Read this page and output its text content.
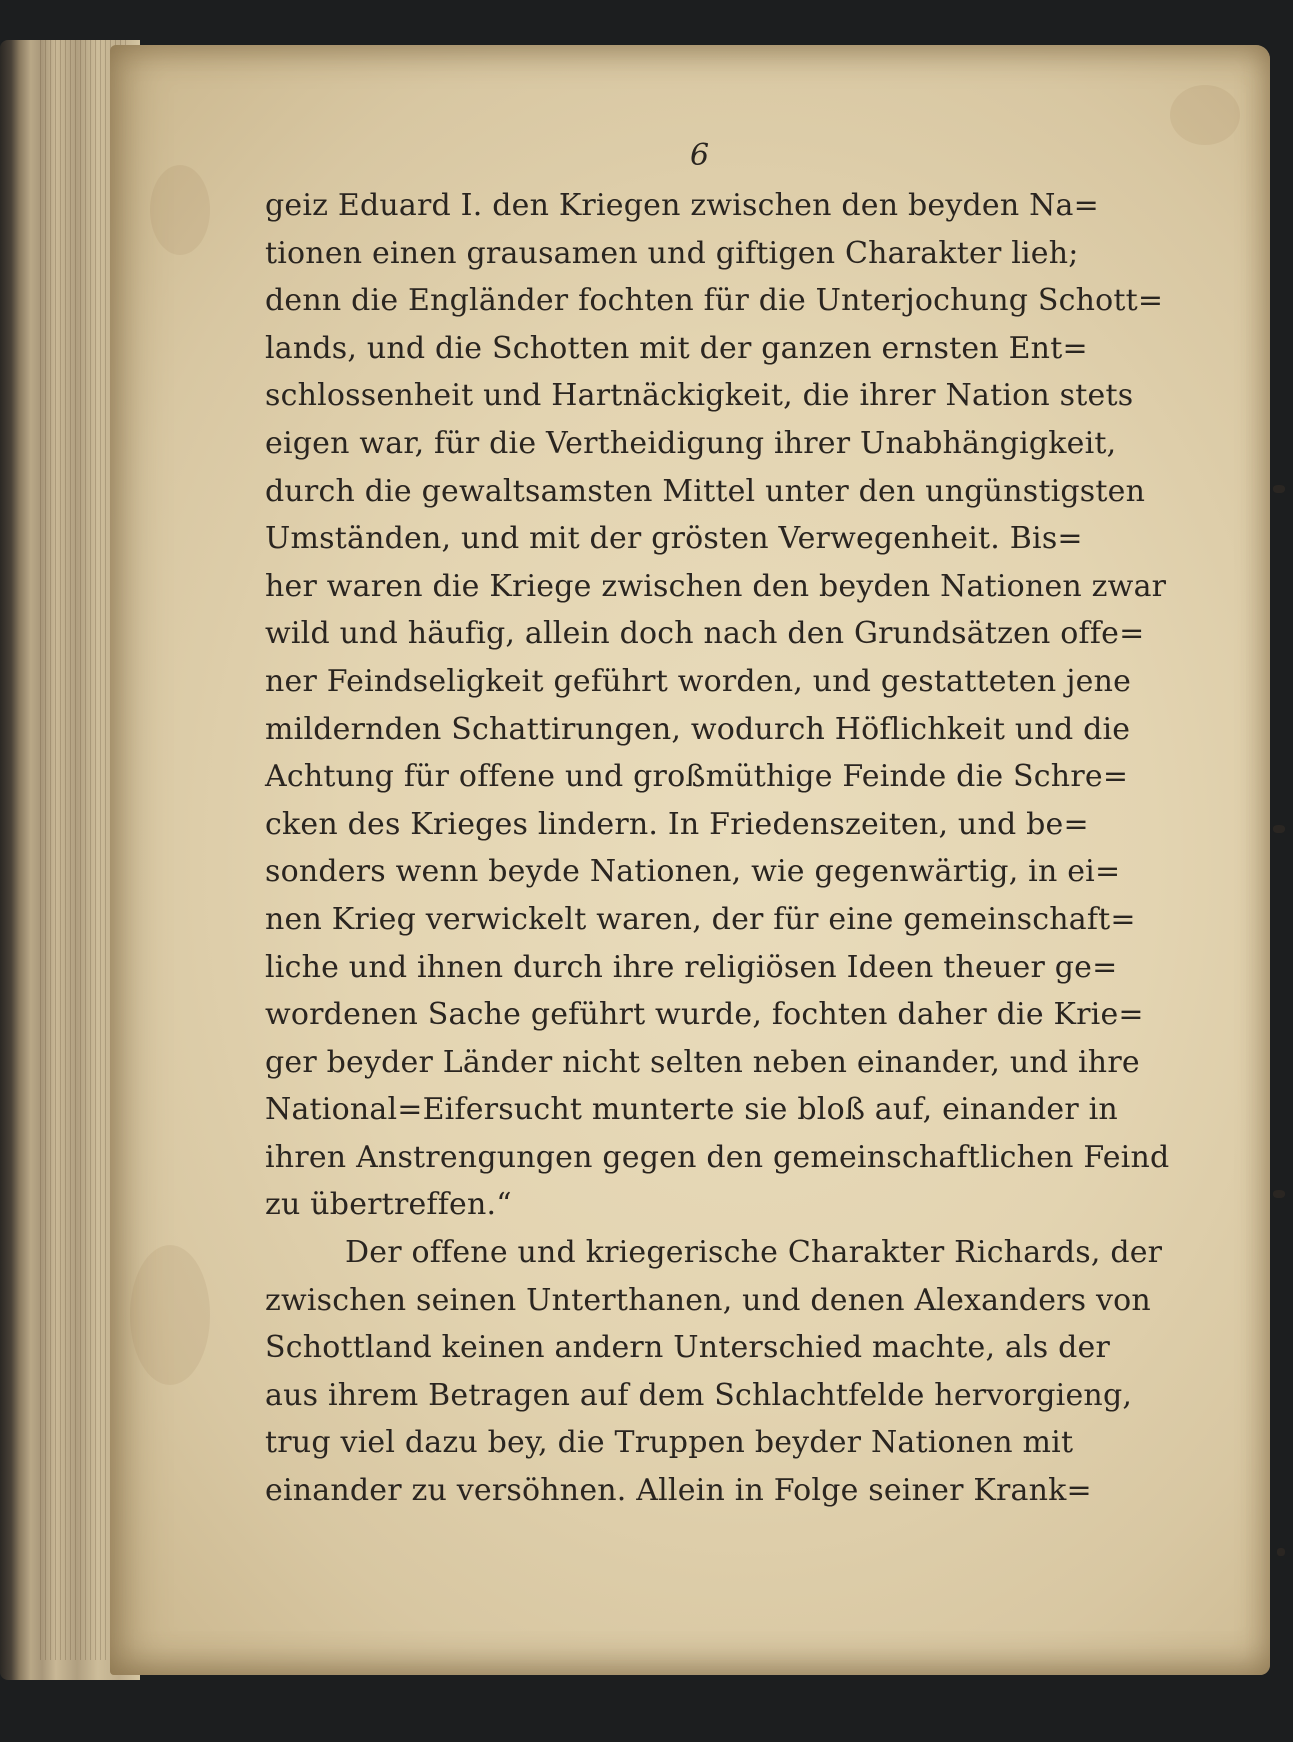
6
geiz Eduard I. den Kriegen zwischen den beyden Na=
tionen einen grausamen und giftigen Charakter lieh;
denn die Engländer fochten für die Unterjochung Schott=
lands, und die Schotten mit der ganzen ernsten Ent=
schlossenheit und Hartnäckigkeit, die ihrer Nation stets
eigen war, für die Vertheidigung ihrer Unabhängigkeit,
durch die gewaltsamsten Mittel unter den ungünstigsten
Umständen, und mit der grösten Verwegenheit. Bis=
her waren die Kriege zwischen den beyden Nationen zwar
wild und häufig, allein doch nach den Grundsätzen offe=
ner Feindseligkeit geführt worden, und gestatteten jene
mildernden Schattirungen, wodurch Höflichkeit und die
Achtung für offene und großmüthige Feinde die Schre=
cken des Krieges lindern. In Friedenszeiten, und be=
sonders wenn beyde Nationen, wie gegenwärtig, in ei=
nen Krieg verwickelt waren, der für eine gemeinschaft=
liche und ihnen durch ihre religiösen Ideen theuer ge=
wordenen Sache geführt wurde, fochten daher die Krie=
ger beyder Länder nicht selten neben einander, und ihre
National=Eifersucht munterte sie bloß auf, einander in
ihren Anstrengungen gegen den gemeinschaftlichen Feind
zu übertreffen.“
Der offene und kriegerische Charakter Richards, der
zwischen seinen Unterthanen, und denen Alexanders von
Schottland keinen andern Unterschied machte, als der
aus ihrem Betragen auf dem Schlachtfelde hervorgieng,
trug viel dazu bey, die Truppen beyder Nationen mit
einander zu versöhnen. Allein in Folge seiner Krank=
